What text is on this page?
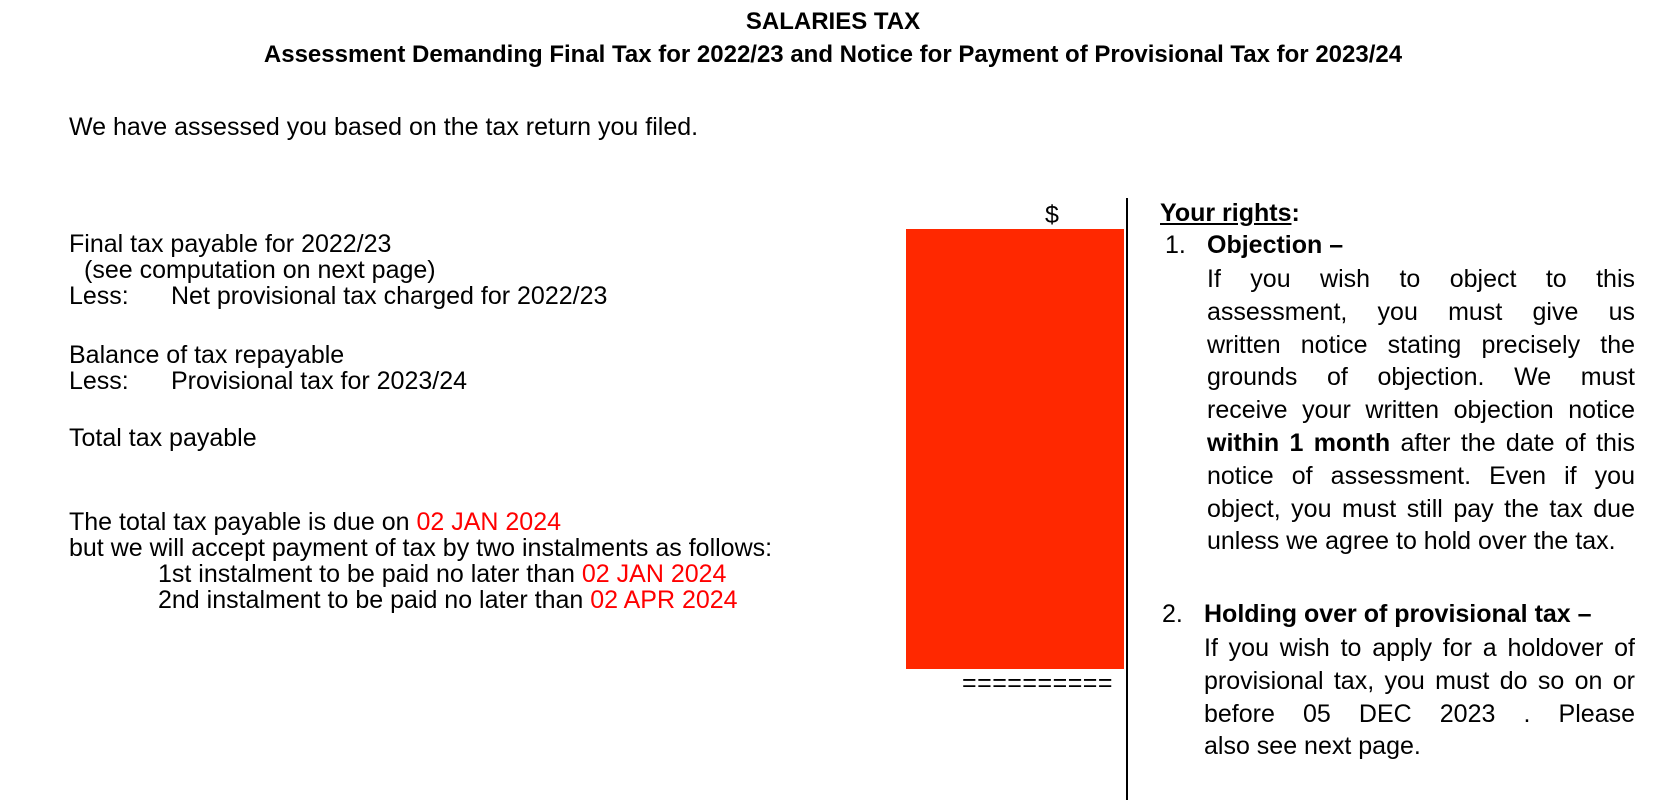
SALARIES TAX
Assessment Demanding Final Tax for 2022/23 and Notice for Payment of Provisional Tax for 2023/24
We have assessed you based on the tax return you filed.
$
Final tax payable for 2022/23
(see computation on next page)
Less: Net provisional tax charged for 2022/23
Balance of tax repayable
Less: Provisional tax for 2023/24
Total tax payable
==========
The total tax payable is due on 02 JAN 2024
but we will accept payment of tax by two instalments as follows:
1st instalment to be paid no later than 02 JAN 2024
2nd instalment to be paid no later than 02 APR 2024
Your rights:
1. Objection –
If you wish to object to this
assessment, you must give us
written notice stating precisely the
grounds of objection. We must
receive your written objection notice
within 1 month after the date of this
notice of assessment. Even if you
object, you must still pay the tax due
unless we agree to hold over the tax.
2. Holding over of provisional tax –
If you wish to apply for a holdover of
provisional tax, you must do so on or
before 05 DEC 2023 . Please
also see next page.
